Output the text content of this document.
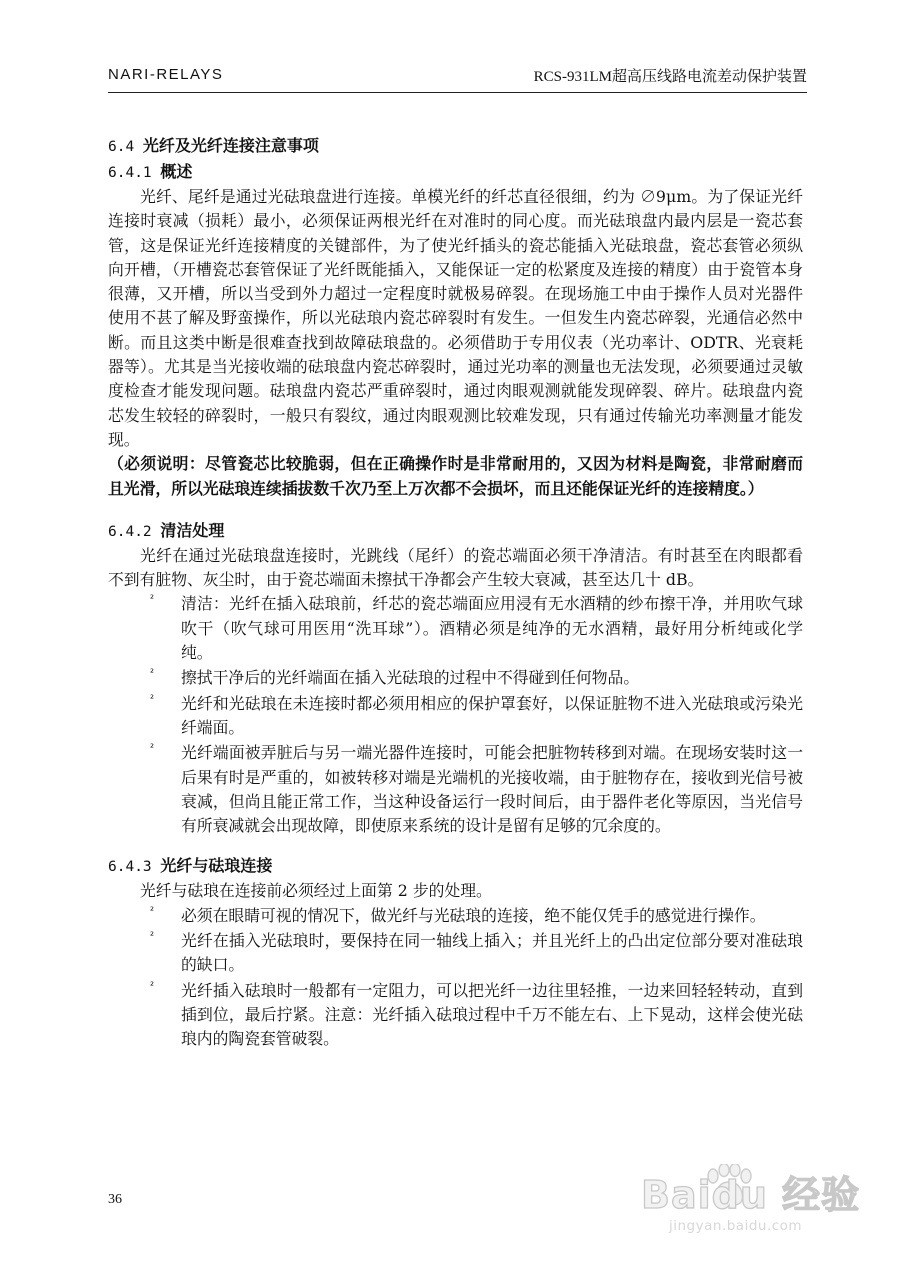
NARI-RELAYS	RCS-931LM超高压线路电流差动保护装置
6.4 光纤及光纤连接注意事项
6.4.1 概述
光纤、尾纤是通过光砝琅盘进行连接。单模光纤的纤芯直径很细，约为 ∅9μm。为了保证光纤连接时衰减（损耗）最小，必须保证两根光纤在对准时的同心度。而光砝琅盘内最内层是一瓷芯套管，这是保证光纤连接精度的关键部件，为了使光纤插头的瓷芯能插入光砝琅盘，瓷芯套管必须纵向开槽，（开槽瓷芯套管保证了光纤既能插入，又能保证一定的松紧度及连接的精度）由于瓷管本身很薄，又开槽，所以当受到外力超过一定程度时就极易碎裂。在现场施工中由于操作人员对光器件使用不甚了解及野蛮操作，所以光砝琅内瓷芯碎裂时有发生。一但发生内瓷芯碎裂，光通信必然中断。而且这类中断是很难查找到故障砝琅盘的。必须借助于专用仪表（光功率计、ODTR、光衰耗器等）。尤其是当光接收端的砝琅盘内瓷芯碎裂时，通过光功率的测量也无法发现，必须要通过灵敏度检查才能发现问题。砝琅盘内瓷芯严重碎裂时，通过肉眼观测就能发现碎裂、碎片。砝琅盘内瓷芯发生较轻的碎裂时，一般只有裂纹，通过肉眼观测比较难发现，只有通过传输光功率测量才能发现。
（必须说明：尽管瓷芯比较脆弱，但在正确操作时是非常耐用的，又因为材料是陶瓷，非常耐磨而且光滑，所以光砝琅连续插拔数千次乃至上万次都不会损坏，而且还能保证光纤的连接精度。）
6.4.2 清洁处理
光纤在通过光砝琅盘连接时，光跳线（尾纤）的瓷芯端面必须干净清洁。有时甚至在肉眼都看不到有脏物、灰尘时，由于瓷芯端面未擦拭干净都会产生较大衰减，甚至达几十 dB。
² 清洁：光纤在插入砝琅前，纤芯的瓷芯端面应用浸有无水酒精的纱布擦干净，并用吹气球吹干（吹气球可用医用“洗耳球”）。酒精必须是纯净的无水酒精，最好用分析纯或化学纯。
² 擦拭干净后的光纤端面在插入光砝琅的过程中不得碰到任何物品。
² 光纤和光砝琅在未连接时都必须用相应的保护罩套好，以保证脏物不进入光砝琅或污染光纤端面。
² 光纤端面被弄脏后与另一端光器件连接时，可能会把脏物转移到对端。在现场安装时这一后果有时是严重的，如被转移对端是光端机的光接收端，由于脏物存在，接收到光信号被衰减，但尚且能正常工作，当这种设备运行一段时间后，由于器件老化等原因，当光信号有所衰减就会出现故障，即使原来系统的设计是留有足够的冗余度的。
6.4.3 光纤与砝琅连接
光纤与砝琅在连接前必须经过上面第 2 步的处理。
² 必须在眼睛可视的情况下，做光纤与光砝琅的连接，绝不能仅凭手的感觉进行操作。
² 光纤在插入光砝琅时，要保持在同一轴线上插入；并且光纤上的凸出定位部分要对准砝琅的缺口。
² 光纤插入砝琅时一般都有一定阻力，可以把光纤一边往里轻推，一边来回轻轻转动，直到插到位，最后拧紧。注意：光纤插入砝琅过程中千万不能左右、上下晃动，这样会使光砝琅内的陶瓷套管破裂。
36	Baidu 经验
jingyan.baidu.com
